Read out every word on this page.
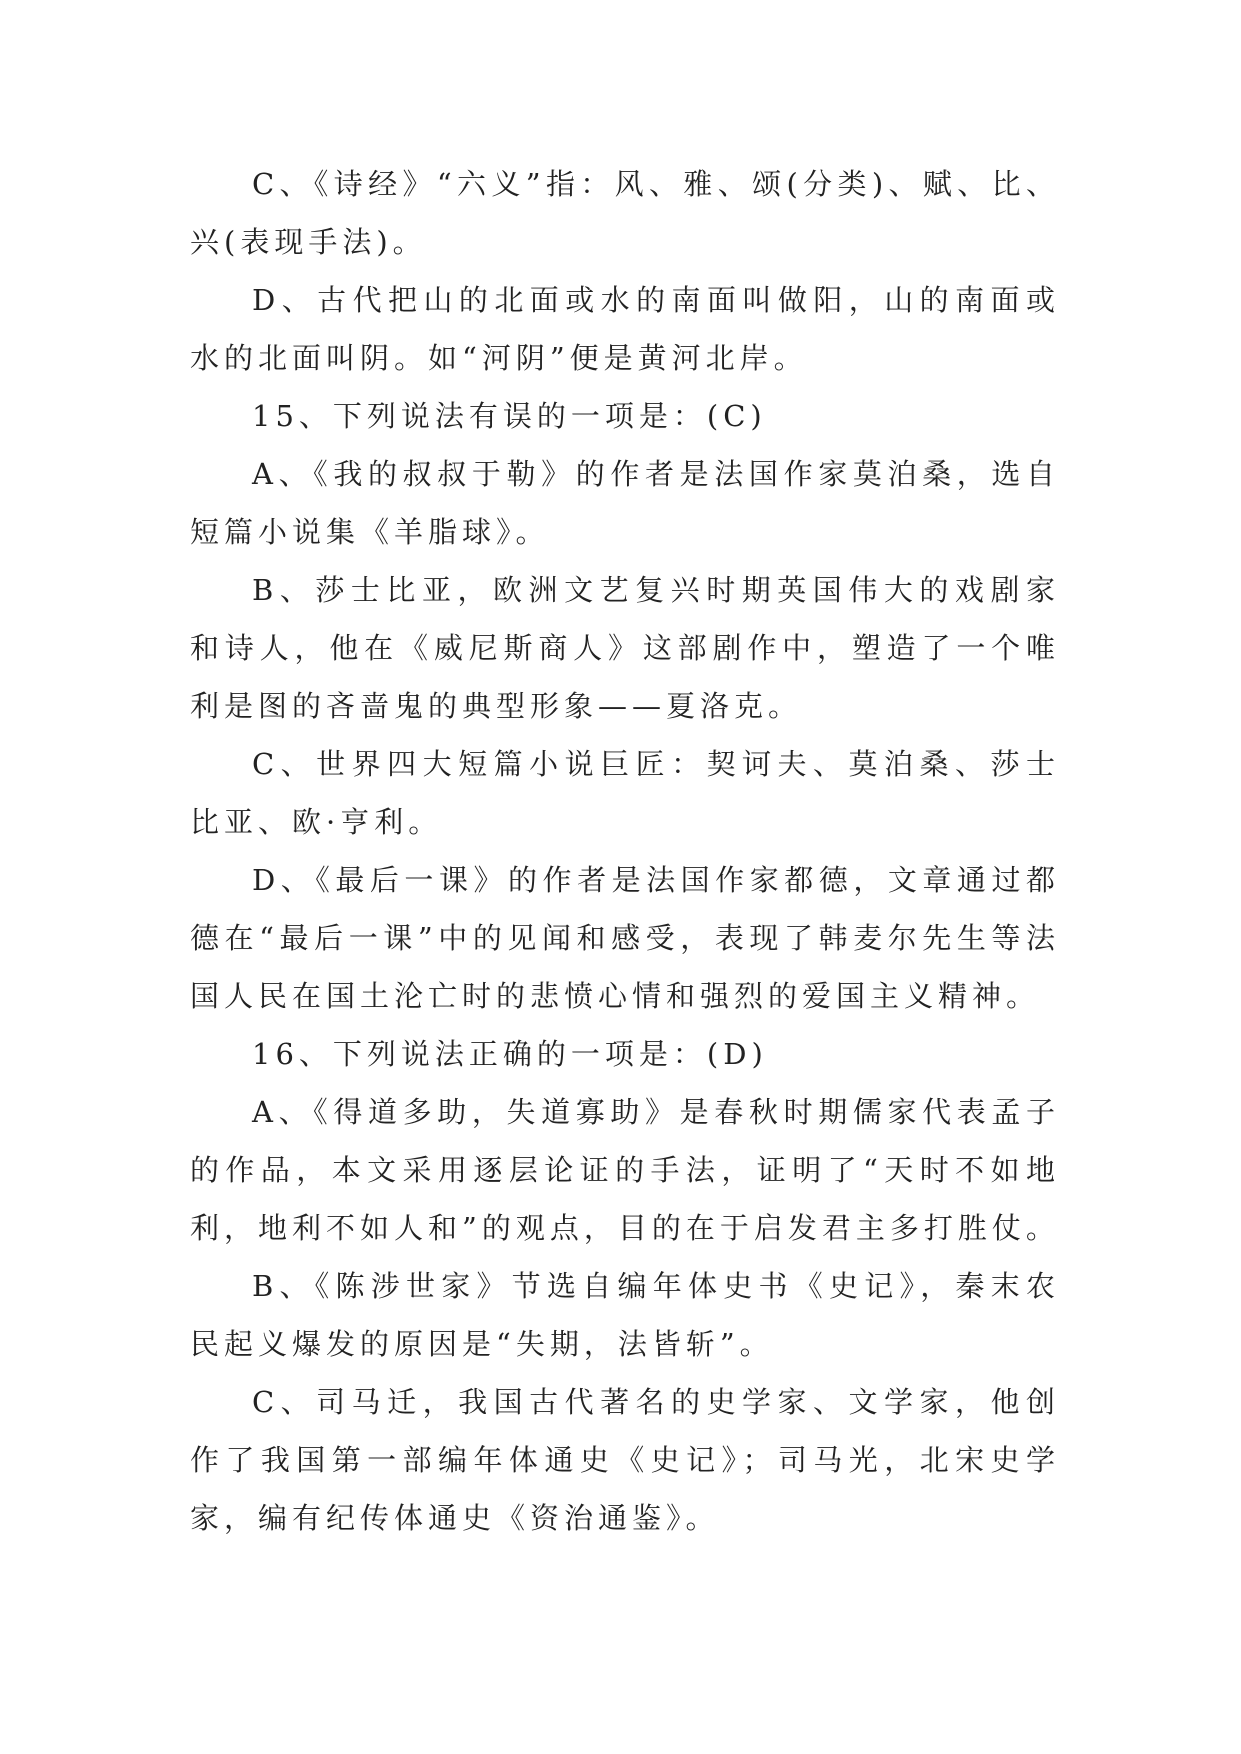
C、《诗经》“六义”指：风、雅、颂(分类)、赋、比、兴(表现手法)。

D、古代把山的北面或水的南面叫做阳，山的南面或水的北面叫阴。如“河阴”便是黄河北岸。

15、下列说法有误的一项是：(C)

A、《我的叔叔于勒》的作者是法国作家莫泊桑，选自短篇小说集《羊脂球》。

B、莎士比亚，欧洲文艺复兴时期英国伟大的戏剧家和诗人，他在《威尼斯商人》这部剧作中，塑造了一个唯利是图的吝啬鬼的典型形象——夏洛克。

C、世界四大短篇小说巨匠：契诃夫、莫泊桑、莎士比亚、欧·亨利。

D、《最后一课》的作者是法国作家都德，文章通过都德在“最后一课”中的见闻和感受，表现了韩麦尔先生等法国人民在国土沦亡时的悲愤心情和强烈的爱国主义精神。

16、下列说法正确的一项是：(D)

A、《得道多助，失道寡助》是春秋时期儒家代表孟子的作品，本文采用逐层论证的手法，证明了“天时不如地利，地利不如人和”的观点，目的在于启发君主多打胜仗。

B、《陈涉世家》节选自编年体史书《史记》，秦末农民起义爆发的原因是“失期，法皆斩”。

C、司马迁，我国古代著名的史学家、文学家，他创作了我国第一部编年体通史《史记》；司马光，北宋史学家，编有纪传体通史《资治通鉴》。
